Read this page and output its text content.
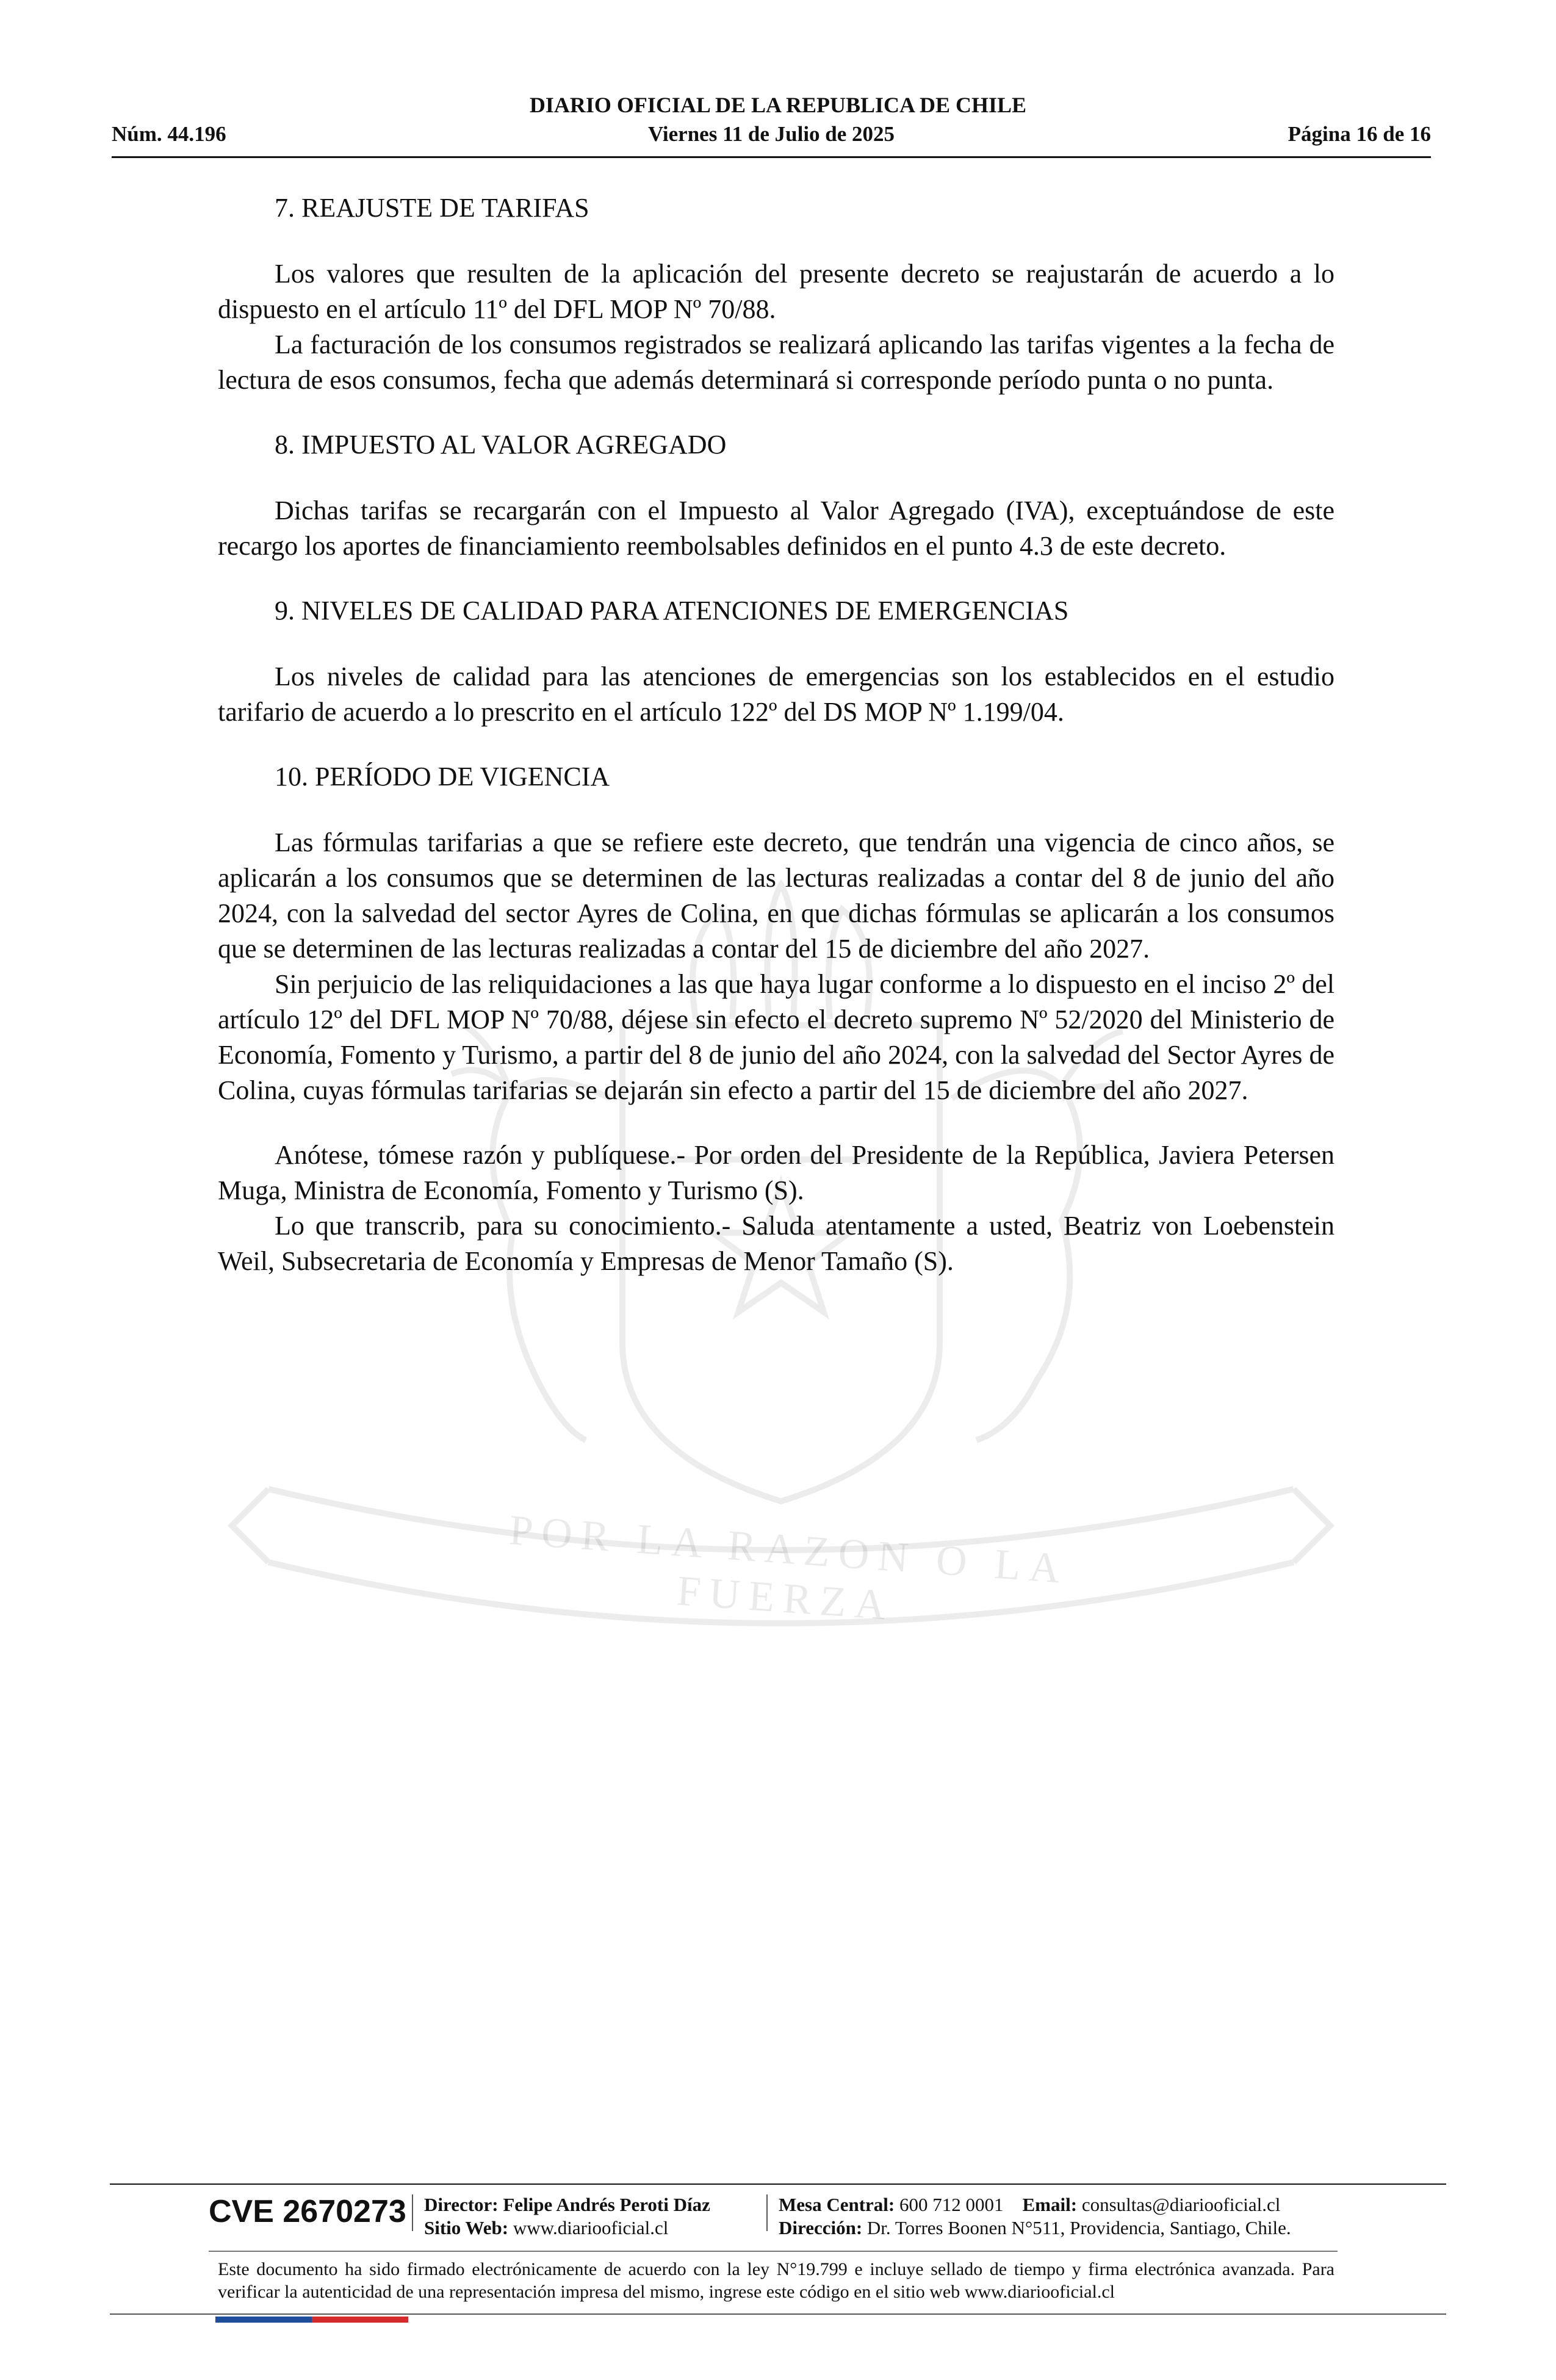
POR LA RAZON O LA FUERZA
DIARIO OFICIAL DE LA REPUBLICA DE CHILE
Núm. 44.196	Viernes 11 de Julio de 2025	Página 16 de 16
7. REAJUSTE DE TARIFAS

Los valores que resulten de la aplicación del presente decreto se reajustarán de acuerdo a lo dispuesto en el artículo 11º del DFL MOP Nº 70/88.

La facturación de los consumos registrados se realizará aplicando las tarifas vigentes a la fecha de lectura de esos consumos, fecha que además determinará si corresponde período punta o no punta.

8. IMPUESTO AL VALOR AGREGADO

Dichas tarifas se recargarán con el Impuesto al Valor Agregado (IVA), exceptuándose de este recargo los aportes de financiamiento reembolsables definidos en el punto 4.3 de este decreto.

9. NIVELES DE CALIDAD PARA ATENCIONES DE EMERGENCIAS

Los niveles de calidad para las atenciones de emergencias son los establecidos en el estudio tarifario de acuerdo a lo prescrito en el artículo 122º del DS MOP Nº 1.199/04.

10. PERÍODO DE VIGENCIA

Las fórmulas tarifarias a que se refiere este decreto, que tendrán una vigencia de cinco años, se aplicarán a los consumos que se determinen de las lecturas realizadas a contar del 8 de junio del año 2024, con la salvedad del sector Ayres de Colina, en que dichas fórmulas se aplicarán a los consumos que se determinen de las lecturas realizadas a contar del 15 de diciembre del año 2027.

Sin perjuicio de las reliquidaciones a las que haya lugar conforme a lo dispuesto en el inciso 2º del artículo 12º del DFL MOP Nº 70/88, déjese sin efecto el decreto supremo Nº 52/2020 del Ministerio de Economía, Fomento y Turismo, a partir del 8 de junio del año 2024, con la salvedad del Sector Ayres de Colina, cuyas fórmulas tarifarias se dejarán sin efecto a partir del 15 de diciembre del año 2027.

Anótese, tómese razón y publíquese.- Por orden del Presidente de la República, Javiera Petersen Muga, Ministra de Economía, Fomento y Turismo (S).

Lo que transcrib, para su conocimiento.- Saluda atentamente a usted, Beatriz von Loebenstein Weil, Subsecretaria de Economía y Empresas de Menor Tamaño (S).

CVE 2670273 Director: Felipe Andrés Peroti Díaz
Sitio Web: www.diariooficial.cl
Mesa Central: 600 712 0001 Email: consultas@diariooficial.cl
Dirección: Dr. Torres Boonen N°511, Providencia, Santiago, Chile.
Este documento ha sido firmado electrónicamente de acuerdo con la ley N°19.799 e incluye sellado de tiempo y firma electrónica avanzada. Para verificar la autenticidad de una representación impresa del mismo, ingrese este código en el sitio web www.diariooficial.cl
